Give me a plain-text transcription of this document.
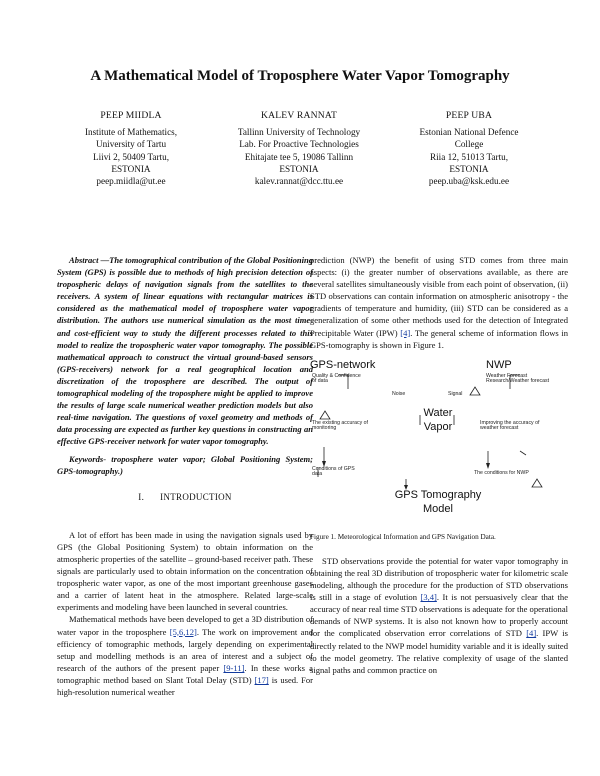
A Mathematical Model of Troposphere Water Vapor Tomography
PEEP MIIDLA
Institute of Mathematics,
University of Tartu
Liivi 2, 50409 Tartu,
ESTONIA
peep.miidla@ut.ee
KALEV RANNAT
Tallinn University of Technology
Lab. For Proactive Technologies
Ehitajate tee 5, 19086 Tallinn
ESTONIA
kalev.rannat@dcc.ttu.ee
PEEP UBA
Estonian National Defence
College
Riia 12, 51013 Tartu,
ESTONIA
peep.uba@ksk.edu.ee

Abstract —The tomographical contribution of the Global Positioning System (GPS) is possible due to methods of high precision detection of tropospheric delays of navigation signals from the satellites to the receivers. A system of linear equations with rectangular matrices is considered as the mathematical model of troposphere water vapor distribution. The authors use numerical simulation as the most time- and cost-efficient way to study the different processes related to this model to realize the tropospheric water vapor tomography. The possible mathematical approach to construct the virtual ground-based sensors (GPS-receivers) network for a real geographical location and discretization of the troposphere are described. The output of tomographical modeling of the troposphere might be applied to improve the results of large scale numerical weather prediction models but also real-time navigation. The questions of voxel geometry and methods of data processing are expected as further key questions in constructing an effective GPS-receiver network for water vapor tomography.

Keywords- troposphere water vapor; Global Positioning System; GPS-tomography.)

I. INTRODUCTION

A lot of effort has been made in using the navigation signals used by GPS (the Global Positioning System) to obtain information on the atmospheric properties of the satellite – ground-based receiver path. These signals are particularly used to obtain information on the concentration of tropospheric water vapor, as one of the most important greenhouse gases and a carrier of latent heat in the atmosphere. Related large-scale experiments and modeling have been launched in several countries.

Mathematical methods have been developed to get a 3D distribution of water vapor in the troposphere [5,6,12]. The work on improvement and efficiency of tomographic methods, largely depending on experimental setup and modelling methods is an area of interest and a subject of research of the authors of the present paper [9-11]. In these works a tomographic method based on Slant Total Delay (STD) [17] is used. For high-resolution numerical weather

prediction (NWP) the benefit of using STD comes from three main aspects: (i) the greater number of observations available, as there are several satellites simultaneously visible from each point of observation, (ii) STD observations can contain information on atmospheric anisotropy - the gradients of temperature and humidity, (iii) STD can be considered as a generalization of some other methods used for the detection of Integrated Precipitable Water (IPW) [4]. The general scheme of information flows in GPS-tomography is shown in Figure 1.

GPS-network
Quality & Confidence of data
NWP
Weather Forecast Research/Weather forecast
Noise	Signal
Water
Vapor
The existing accuracy of monitoring
Improving the accuracy of weather forecast
Conditions of GPS data	The conditions for NWP
GPS Tomography
Model

Figure 1. Meteorological Information and GPS Navigation Data.

STD observations provide the potential for water vapor tomography in obtaining the real 3D distribution of tropospheric water for kilometric scale modeling, although the procedure for the production of STD observations is still in a stage of evolution [3,4]. It is not persuasively clear that the accuracy of near real time STD observations is adequate for the operational demands of NWP systems. It is also not known how to properly account for the complicated observation error correlations of STD [4]. IPW is directly related to the NWP model humidity variable and it is ideally suited to the model geometry. The relative complexity of usage of the slanted signal paths and common practice on
